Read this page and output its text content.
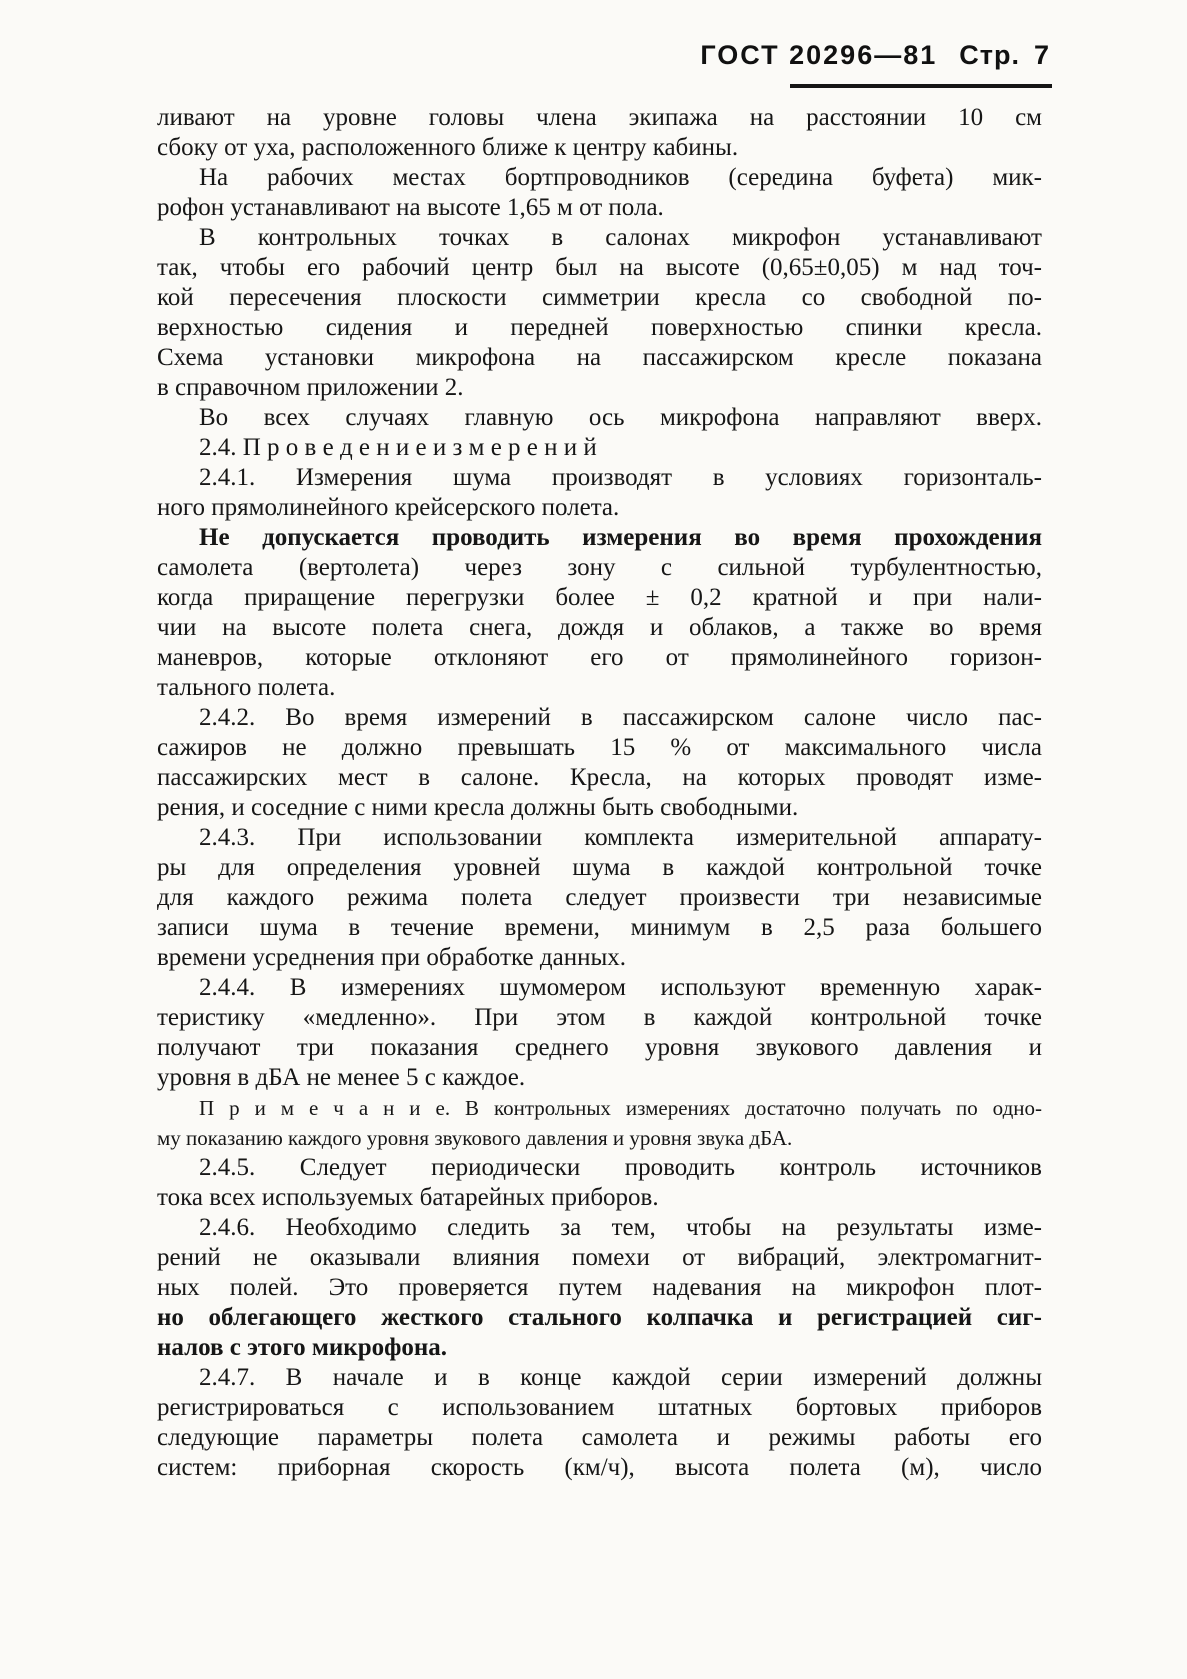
ГОСТ 20296—81 Стр. 7
ливают на уровне головы члена экипажа на расстоянии 10 см
сбоку от уха, расположенного ближе к центру кабины.
На рабочих местах бортпроводников (середина буфета) мик-
рофон устанавливают на высоте 1,65 м от пола.
В контрольных точках в салонах микрофон устанавливают
так, чтобы его рабочий центр был на высоте (0,65±0,05) м над точ-
кой пересечения плоскости симметрии кресла со свободной по-
верхностью сидения и передней поверхностью спинки кресла.
Схема установки микрофона на пассажирском кресле показана
в справочном приложении 2.
Во всех случаях главную ось микрофона направляют вверх.
2.4. П р о в е д е н и е и з м е р е н и й
2.4.1. Измерения шума производят в условиях горизонталь-
ного прямолинейного крейсерского полета.
Не допускается проводить измерения во время прохождения
самолета (вертолета) через зону с сильной турбулентностью,
когда приращение перегрузки более ± 0,2 кратной и при нали-
чии на высоте полета снега, дождя и облаков, а также во время
маневров, которые отклоняют его от прямолинейного горизон-
тального полета.
2.4.2. Во время измерений в пассажирском салоне число пас-
сажиров не должно превышать 15 % от максимального числа
пассажирских мест в салоне. Кресла, на которых проводят изме-
рения, и соседние с ними кресла должны быть свободными.
2.4.3. При использовании комплекта измерительной аппарату-
ры для определения уровней шума в каждой контрольной точке
для каждого режима полета следует произвести три независимые
записи шума в течение времени, минимум в 2,5 раза большего
времени усреднения при обработке данных.
2.4.4. В измерениях шумомером используют временную харак-
теристику «медленно». При этом в каждой контрольной точке
получают три показания среднего уровня звукового давления и
уровня в дБА не менее 5 с каждое.
П р и м е ч а н и е. В контрольных измерениях достаточно получать по одно-
му показанию каждого уровня звукового давления и уровня звука дБА.
2.4.5. Следует периодически проводить контроль источников
тока всех используемых батарейных приборов.
2.4.6. Необходимо следить за тем, чтобы на результаты изме-
рений не оказывали влияния помехи от вибраций, электромагнит-
ных полей. Это проверяется путем надевания на микрофон плот-
но облегающего жесткого стального колпачка и регистрацией сиг-
налов с этого микрофона.
2.4.7. В начале и в конце каждой серии измерений должны
регистрироваться с использованием штатных бортовых приборов
следующие параметры полета самолета и режимы работы его
систем: приборная скорость (км/ч), высота полета (м), число
